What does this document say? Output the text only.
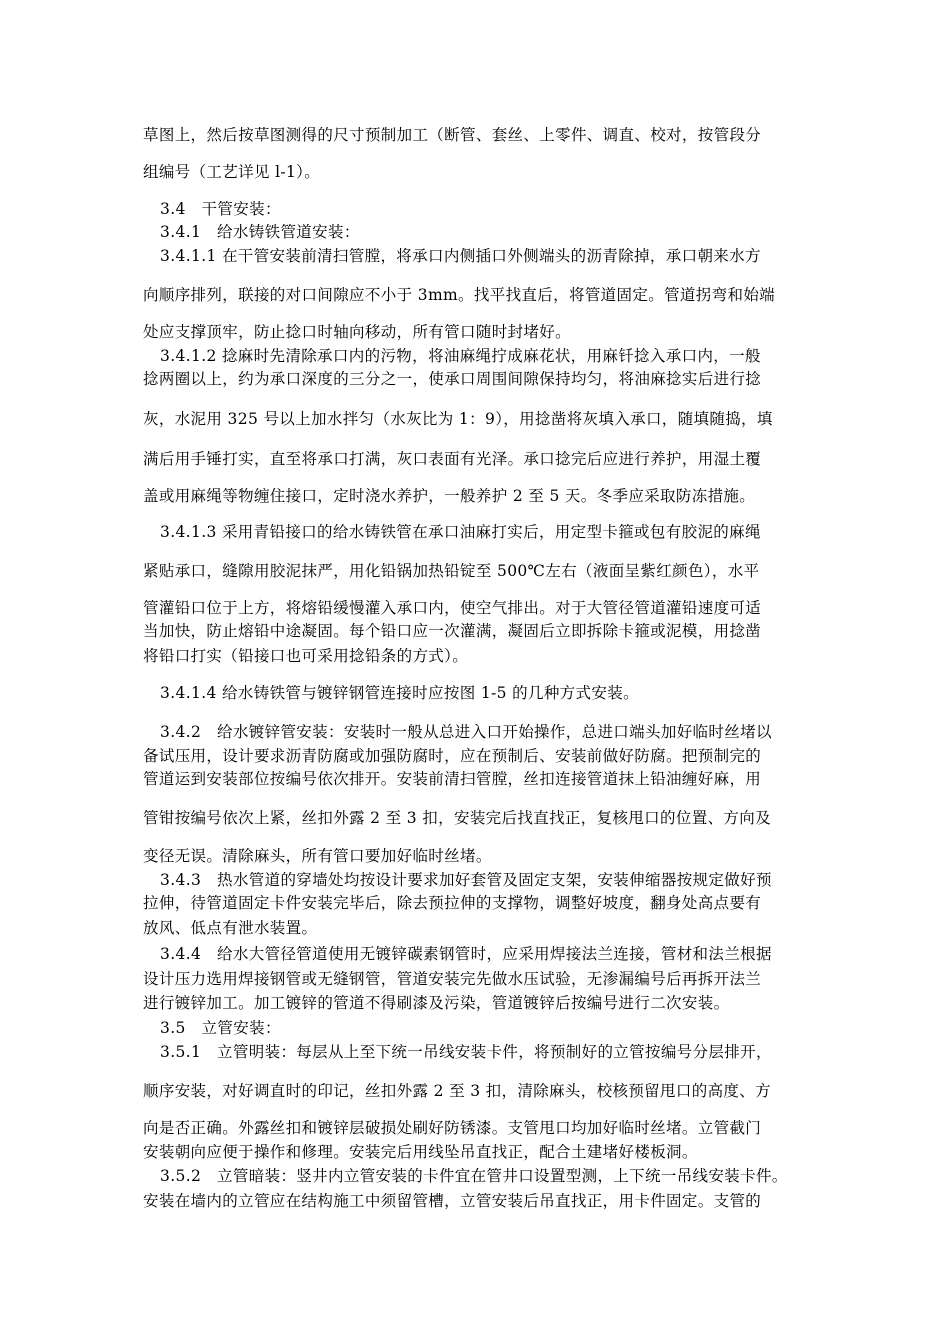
草图上，然后按草图测得的尺寸预制加工（断管、套丝、上零件、调直、校对，按管段分
组编号（工艺详见 l-1）。
3.4　干管安装：
3.4.1　给水铸铁管道安装：
3.4.1.1 在干管安装前清扫管膛，将承口内侧插口外侧端头的沥青除掉，承口朝来水方
向顺序排列，联接的对口间隙应不小于 3mm。找平找直后，将管道固定。管道拐弯和始端
处应支撑顶牢，防止捻口时轴向移动，所有管口随时封堵好。
3.4.1.2 捻麻时先清除承口内的污物，将油麻绳拧成麻花状，用麻钎捻入承口内，一般
捻两圈以上，约为承口深度的三分之一，使承口周围间隙保持均匀，将油麻捻实后进行捻
灰，水泥用 325 号以上加水拌匀（水灰比为 1：9），用捻凿将灰填入承口，随填随捣，填
满后用手锤打实，直至将承口打满，灰口表面有光泽。承口捻完后应进行养护，用湿土覆
盖或用麻绳等物缠住接口，定时浇水养护，一般养护 2 至 5 天。冬季应采取防冻措施。
3.4.1.3 采用青铅接口的给水铸铁管在承口油麻打实后，用定型卡箍或包有胶泥的麻绳
紧贴承口，缝隙用胶泥抹严，用化铅锅加热铅锭至 500℃左右（液面呈紫红颜色），水平
管灌铅口位于上方，将熔铅缓慢灌入承口内，使空气排出。对于大管径管道灌铅速度可适
当加快，防止熔铅中途凝固。每个铅口应一次灌满，凝固后立即拆除卡箍或泥模，用捻凿
将铅口打实（铅接口也可采用捻铅条的方式）。
3.4.1.4 给水铸铁管与镀锌钢管连接时应按图 1-5 的几种方式安装。
3.4.2　给水镀锌管安装：安装时一般从总进入口开始操作，总进口端头加好临时丝堵以
备试压用，设计要求沥青防腐或加强防腐时，应在预制后、安装前做好防腐。把预制完的
管道运到安装部位按编号依次排开。安装前清扫管膛，丝扣连接管道抹上铅油缠好麻，用
管钳按编号依次上紧，丝扣外露 2 至 3 扣，安装完后找直找正，复核甩口的位置、方向及
变径无误。清除麻头，所有管口要加好临时丝堵。
3.4.3　热水管道的穿墙处均按设计要求加好套管及固定支架，安装伸缩器按规定做好预
拉伸，待管道固定卡件安装完毕后，除去预拉伸的支撑物，调整好坡度，翻身处高点要有
放风、低点有泄水装置。
3.4.4　给水大管径管道使用无镀锌碳素钢管时，应采用焊接法兰连接，管材和法兰根据
设计压力选用焊接钢管或无缝钢管，管道安装完先做水压试验，无渗漏编号后再拆开法兰
进行镀锌加工。加工镀锌的管道不得刷漆及污染，管道镀锌后按编号进行二次安装。
3.5　立管安装：
3.5.1　立管明装：每层从上至下统一吊线安装卡件，将预制好的立管按编号分层排开，
顺序安装，对好调直时的印记，丝扣外露 2 至 3 扣，清除麻头，校核预留甩口的高度、方
向是否正确。外露丝扣和镀锌层破损处刷好防锈漆。支管甩口均加好临时丝堵。立管截门
安装朝向应便于操作和修理。安装完后用线坠吊直找正，配合土建堵好楼板洞。
3.5.2　立管暗装：竖井内立管安装的卡件宜在管井口设置型测，上下统一吊线安装卡件。
安装在墙内的立管应在结构施工中须留管槽，立管安装后吊直找正，用卡件固定。支管的
